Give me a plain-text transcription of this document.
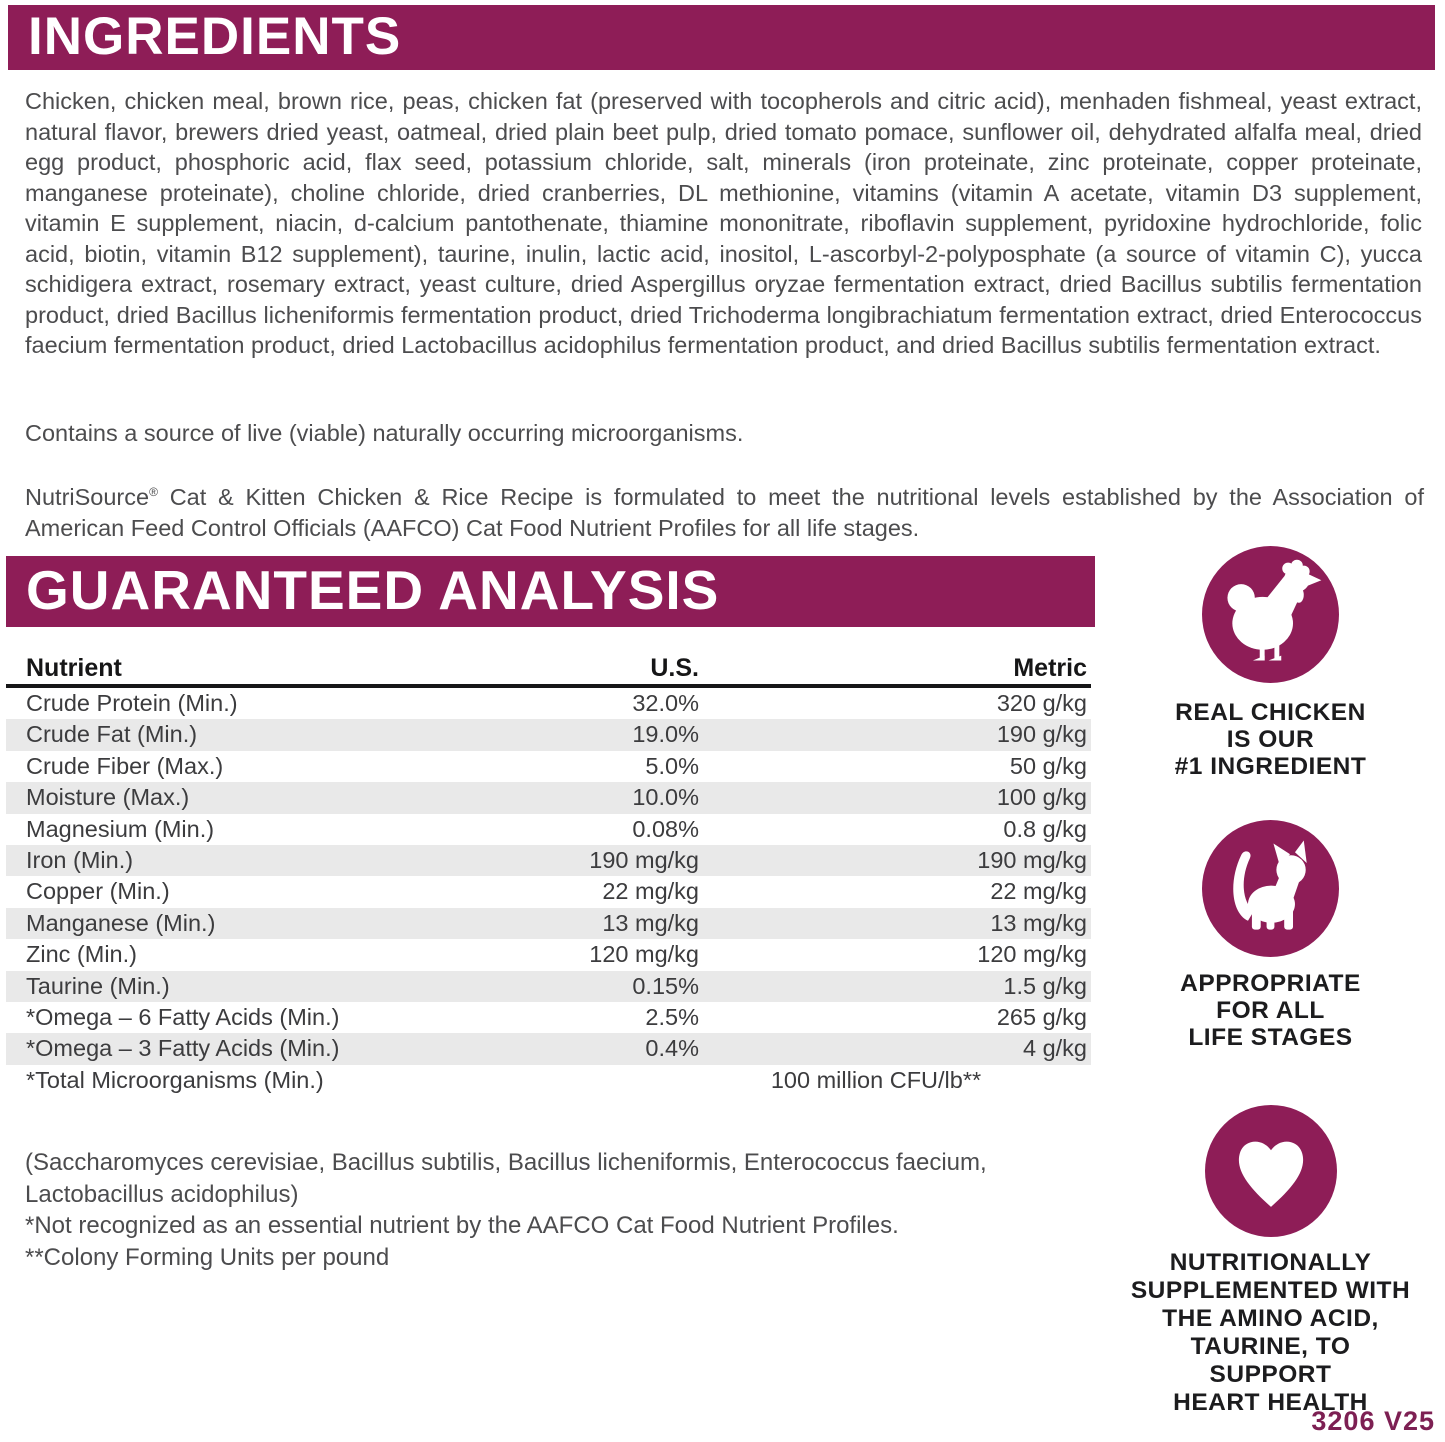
INGREDIENTS

Chicken, chicken meal, brown rice, peas, chicken fat (preserved with tocopherols and citric acid), menhaden fishmeal, yeast extract, natural flavor, brewers dried yeast, oatmeal, dried plain beet pulp, dried tomato pomace, sunflower oil, dehydrated alfalfa meal, dried egg product, phosphoric acid, flax seed, potassium chloride, salt, minerals (iron proteinate, zinc proteinate, copper proteinate, manganese proteinate), choline chloride, dried cranberries, DL methionine, vitamins (vitamin A acetate, vitamin D3 supplement, vitamin E supplement, niacin, d-calcium pantothenate, thiamine mononitrate, riboflavin supplement, pyridoxine hydrochloride, folic acid, biotin, vitamin B12 supplement), taurine, inulin, lactic acid, inositol, L-ascorbyl-2-polyposphate (a source of vitamin C), yucca schidigera extract, rosemary extract, yeast culture, dried Aspergillus oryzae fermentation extract, dried Bacillus subtilis fermentation product, dried Bacillus licheniformis fermentation product, dried Trichoderma longibrachiatum fermentation extract, dried Enterococcus faecium fermentation product, dried Lactobacillus acidophilus fermentation product, and dried Bacillus subtilis fermentation extract.

Contains a source of live (viable) naturally occurring microorganisms.

NutriSource® Cat & Kitten Chicken & Rice Recipe is formulated to meet the nutritional levels established by the Association of American Feed Control Officials (AAFCO) Cat Food Nutrient Profiles for all life stages.

GUARANTEED ANALYSIS
Nutrient	U.S.	Metric
Crude Protein (Min.)	32.0%	320 g/kg
Crude Fat (Min.)	19.0%	190 g/kg
Crude Fiber (Max.)	5.0%	50 g/kg
Moisture (Max.)	10.0%	100 g/kg
Magnesium (Min.)	0.08%	0.8 g/kg
Iron (Min.)	190 mg/kg	190 mg/kg
Copper (Min.)	22 mg/kg	22 mg/kg
Manganese (Min.)	13 mg/kg	13 mg/kg
Zinc (Min.)	120 mg/kg	120 mg/kg
Taurine (Min.)	0.15%	1.5 g/kg
*Omega – 6 Fatty Acids (Min.)	2.5%	265 g/kg
*Omega – 3 Fatty Acids (Min.)	0.4%	4 g/kg
*Total Microorganisms (Min.)	100 million CFU/lb**

(Saccharomyces cerevisiae, Bacillus subtilis, Bacillus licheniformis, Enterococcus faecium, Lactobacillus acidophilus)

*Not recognized as an essential nutrient by the AAFCO Cat Food Nutrient Profiles.

**Colony Forming Units per pound

REAL CHICKEN
IS OUR
#1 INGREDIENT
APPROPRIATE
FOR ALL
LIFE STAGES
NUTRITIONALLY
SUPPLEMENTED WITH
THE AMINO ACID,
TAURINE, TO SUPPORT
HEART HEALTH
3206 V25
